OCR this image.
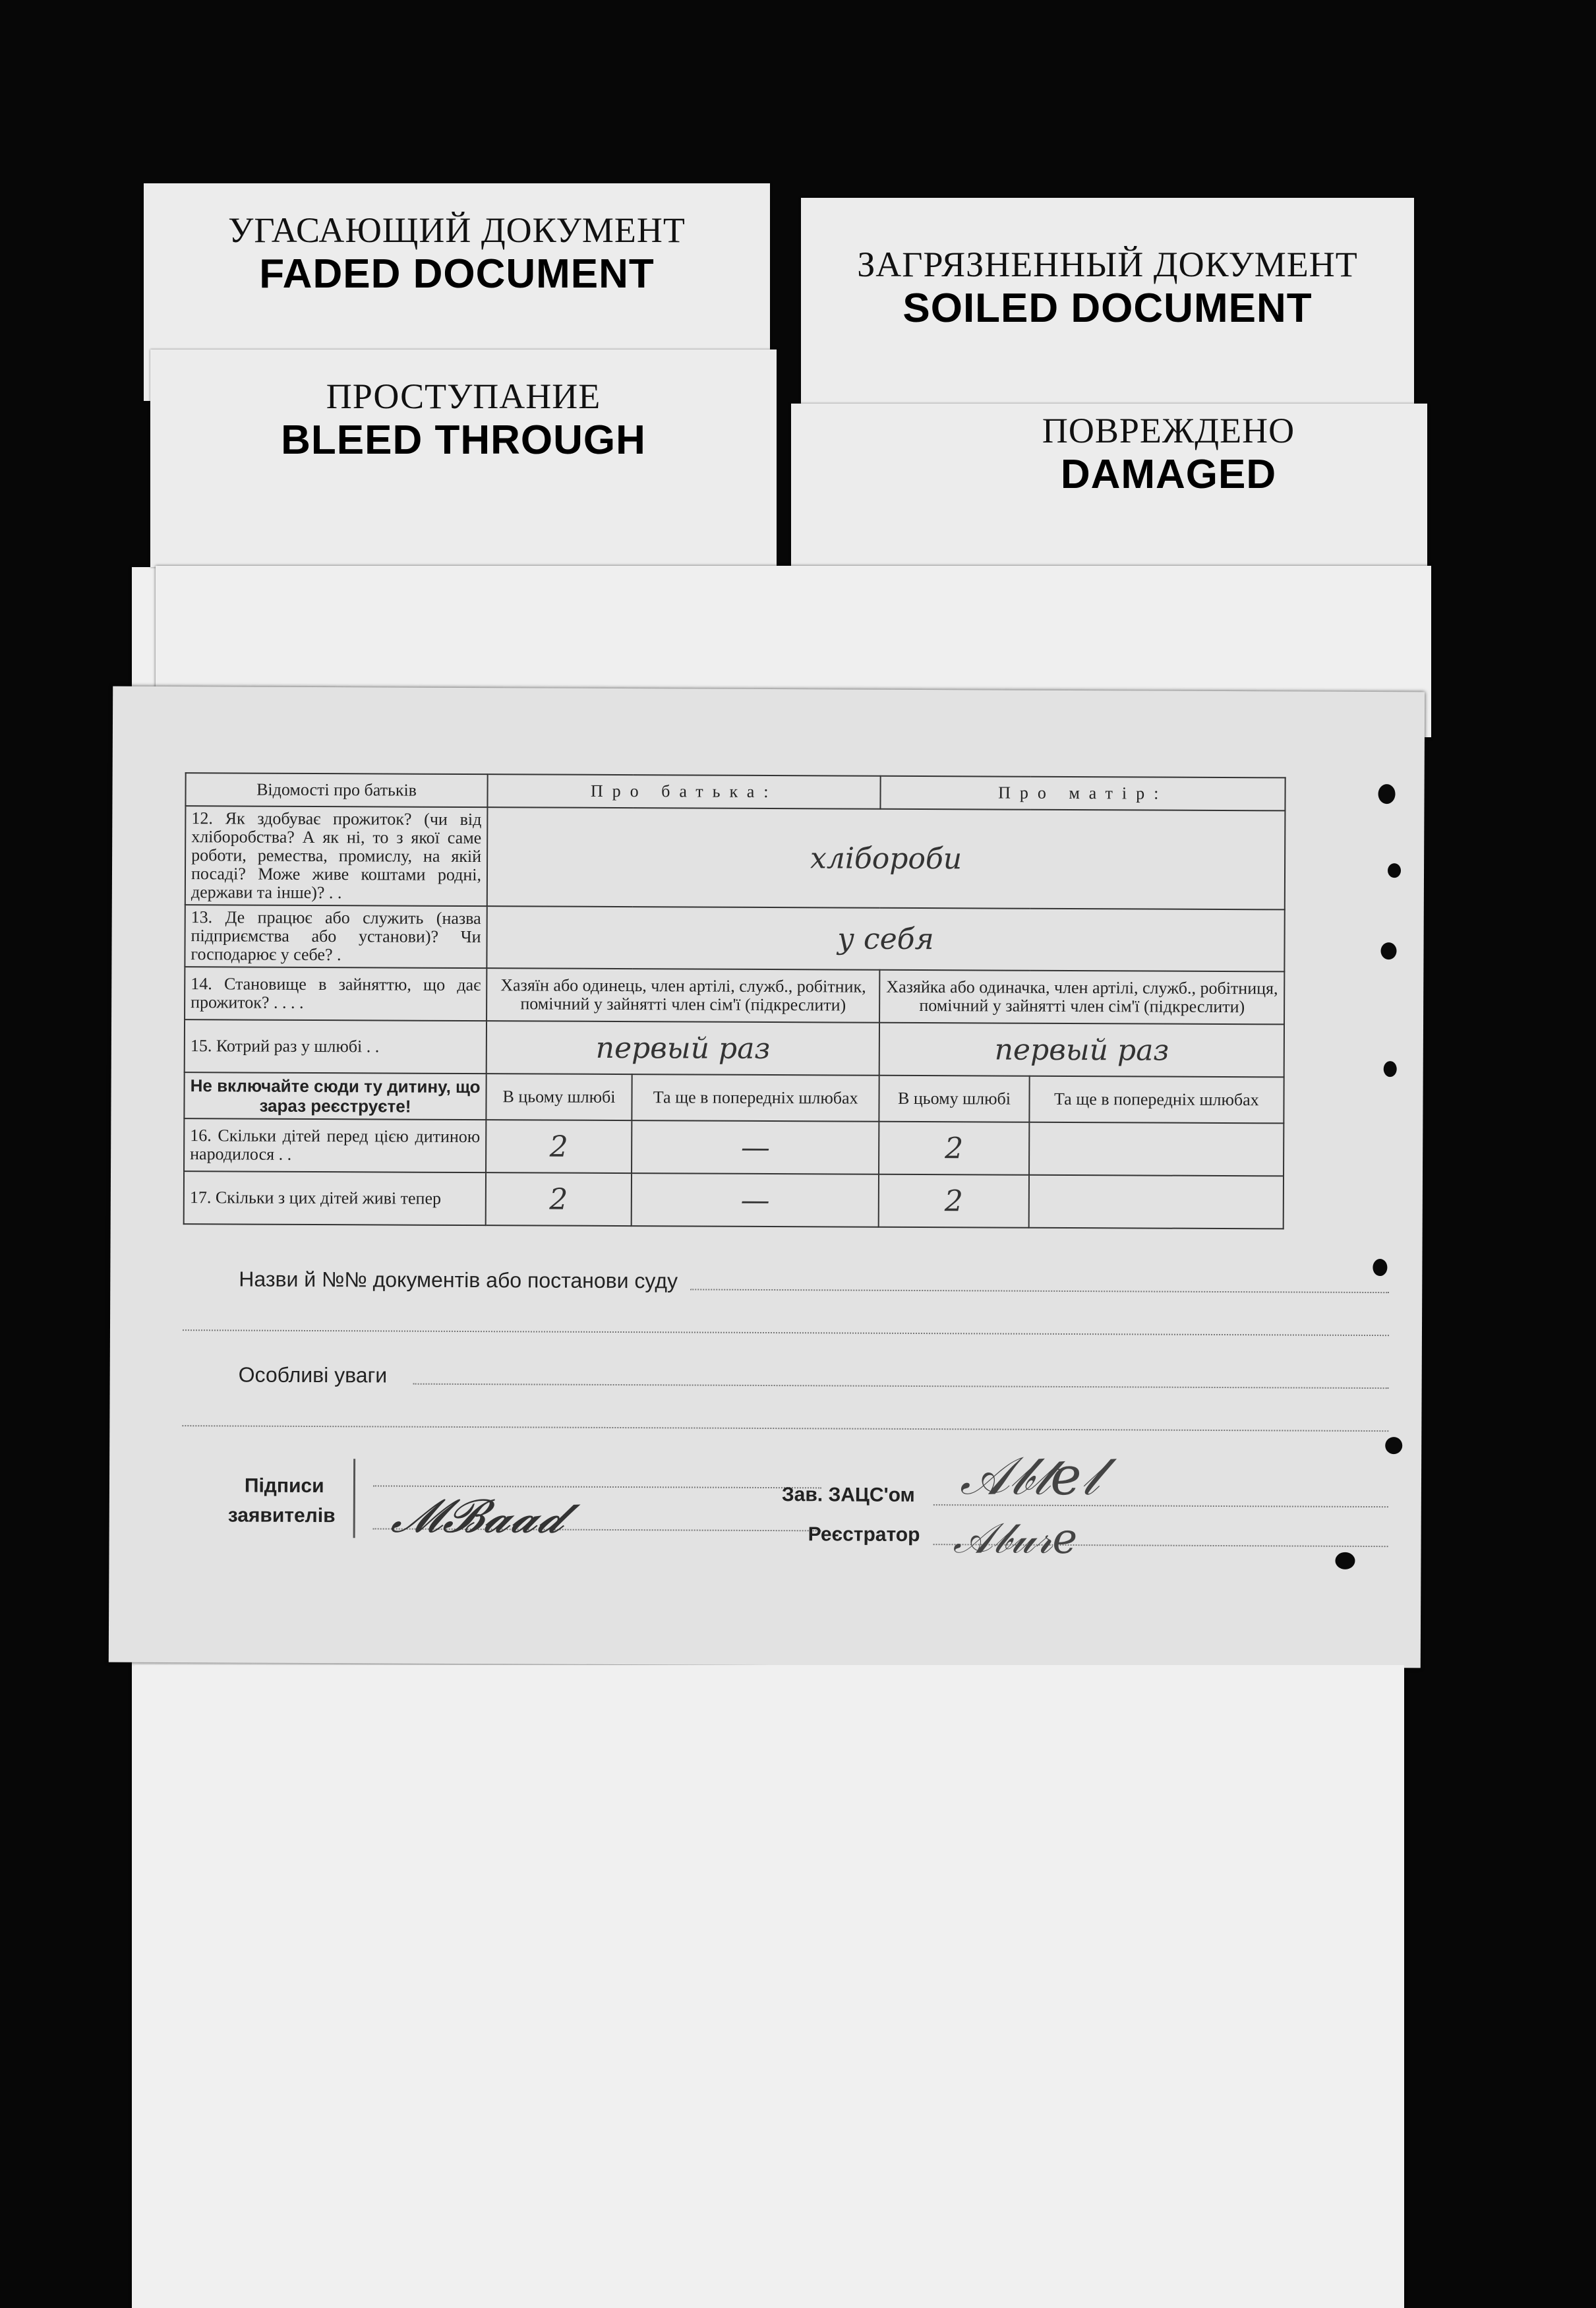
УГАСАЮЩИЙ ДОКУМЕНТ
FADED DOCUMENT	ЗАГРЯЗНЕННЫЙ ДОКУМЕНТ
SOILED DOCUMENT
ПРОСТУПАНИЕ
BLEED THROUGH	ПОВРЕЖДЕНО
DAMAGED
Відомості про батьків	Про батька:		Про матір:	
12. Як здобуває прожиток? (чи від хліборобства? А як ні, то з якої саме роботи, ремества, промислу, на якій посаді? Може живе коштами родні, держави та інше)? . .	хлібороби			
13. Де працює або служить (назва підприємства або установи)? Чи господарює у себе? .	у себя			
14. Становище в зайняттю, що дає прожиток? . . . .	Хазяїн або одинець, член артілі, служб., робітник, помічний у зайнятті член сім'ї (підкреслити)		Хазяйка або одиначка, член артілі, служб., робітниця, помічний у зайнятті член сім'ї (підкреслити)	
15. Котрий раз у шлюбі . .	первый раз		первый раз	
Не включайте сюди ту дитину, що зараз реєструєте!	В цьому шлюбі	Та ще в попередніх шлюбах	В цьому шлюбі	Та ще в попередніх шлюбах
16. Скільки дітей перед цією дитиною народилося . .	2	—	2	
17. Скільки з цих дітей живі тепер	2	—	2	
Назви й №№ документів або постанови суду
Особливі уваги
Підписи
заявителів 𝓜𝓑𝓪𝓪𝓭	Зав. ЗАЦС'ом
Реєстратор
𝒜𝒷𝓉𝑒𝓁
𝒜𝒷𝓊𝓇𝑒
